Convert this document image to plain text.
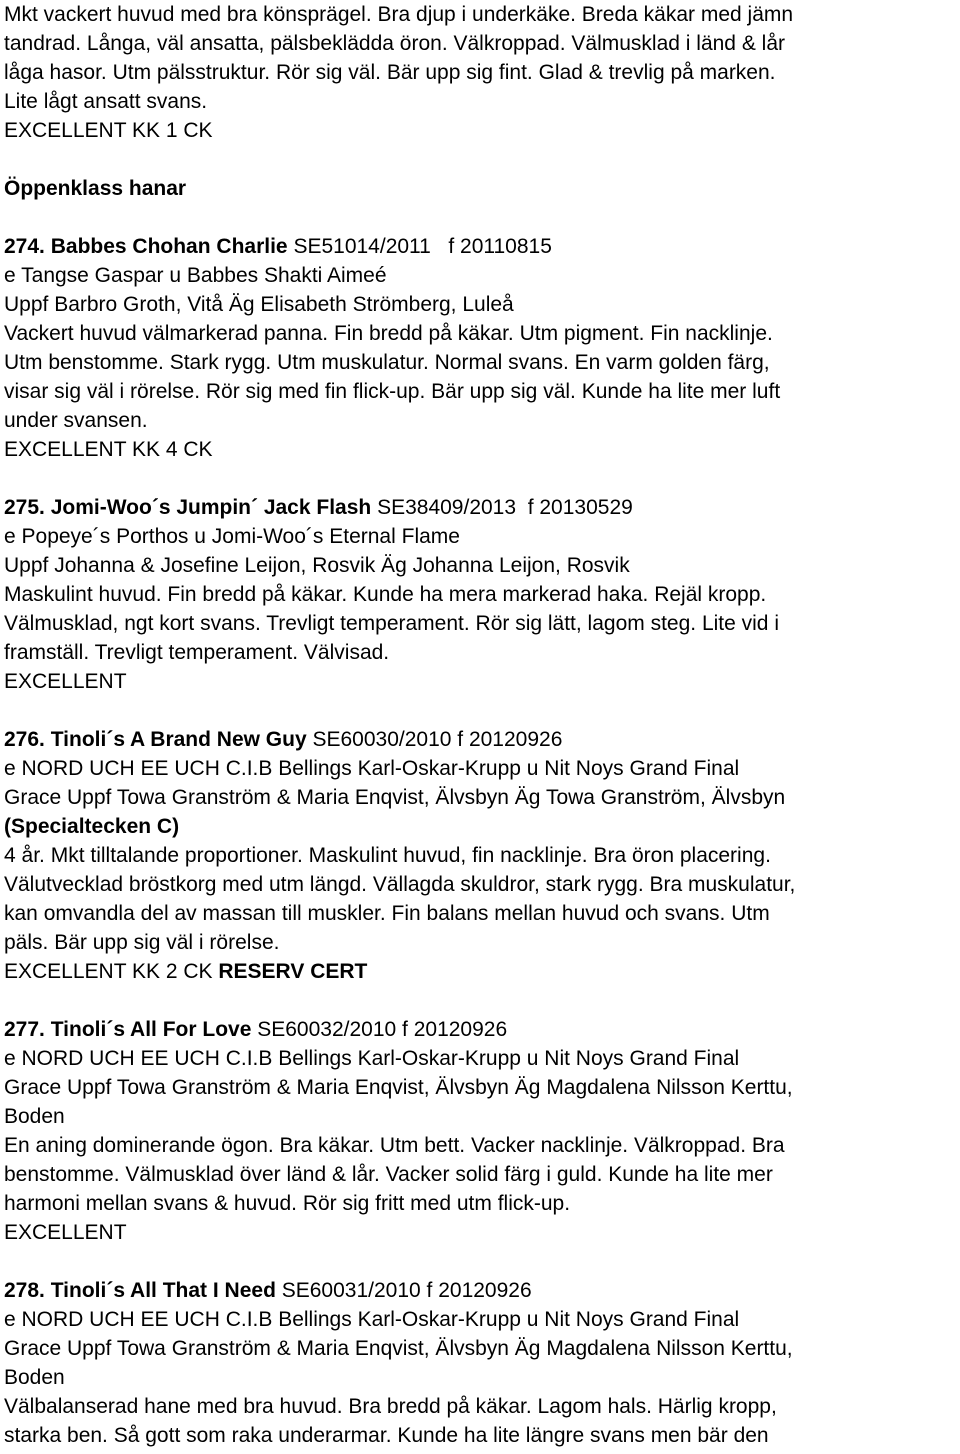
Mkt vackert huvud med bra könsprägel. Bra djup i underkäke. Breda käkar med jämn
tandrad. Långa, väl ansatta, pälsbeklädda öron. Välkroppad. Välmusklad i länd & lår
låga hasor. Utm pälsstruktur. Rör sig väl. Bär upp sig fint. Glad & trevlig på marken.
Lite lågt ansatt svans.
EXCELLENT KK 1 CK
Öppenklass hanar
274. Babbes Chohan Charlie SE51014/2011   f 20110815
e Tangse Gaspar u Babbes Shakti Aimeé
Uppf Barbro Groth, Vitå Äg Elisabeth Strömberg, Luleå
Vackert huvud välmarkerad panna. Fin bredd på käkar. Utm pigment. Fin nacklinje.
Utm benstomme. Stark rygg. Utm muskulatur. Normal svans. En varm golden färg,
visar sig väl i rörelse. Rör sig med fin flick-up. Bär upp sig väl. Kunde ha lite mer luft
under svansen.
EXCELLENT KK 4 CK
275. Jomi-Woo´s Jumpin´ Jack Flash SE38409/2013  f 20130529
e Popeye´s Porthos u Jomi-Woo´s Eternal Flame
Uppf Johanna & Josefine Leijon, Rosvik Äg Johanna Leijon, Rosvik
Maskulint huvud. Fin bredd på käkar. Kunde ha mera markerad haka. Rejäl kropp.
Välmusklad, ngt kort svans. Trevligt temperament. Rör sig lätt, lagom steg. Lite vid i
framställ. Trevligt temperament. Välvisad.
EXCELLENT
276. Tinoli´s A Brand New Guy SE60030/2010 f 20120926
e NORD UCH EE UCH C.I.B Bellings Karl-Oskar-Krupp u Nit Noys Grand Final
Grace Uppf Towa Granström & Maria Enqvist, Älvsbyn Äg Towa Granström, Älvsbyn
(Specialtecken C)
4 år. Mkt tilltalande proportioner. Maskulint huvud, fin nacklinje. Bra öron placering.
Välutvecklad bröstkorg med utm längd. Vällagda skuldror, stark rygg. Bra muskulatur,
kan omvandla del av massan till muskler. Fin balans mellan huvud och svans. Utm
päls. Bär upp sig väl i rörelse.
EXCELLENT KK 2 CK RESERV CERT
277. Tinoli´s All For Love SE60032/2010 f 20120926
e NORD UCH EE UCH C.I.B Bellings Karl-Oskar-Krupp u Nit Noys Grand Final
Grace Uppf Towa Granström & Maria Enqvist, Älvsbyn Äg Magdalena Nilsson Kerttu,
Boden
En aning dominerande ögon. Bra käkar. Utm bett. Vacker nacklinje. Välkroppad. Bra
benstomme. Välmusklad över länd & lår. Vacker solid färg i guld. Kunde ha lite mer
harmoni mellan svans & huvud. Rör sig fritt med utm flick-up.
EXCELLENT
278. Tinoli´s All That I Need SE60031/2010 f 20120926
e NORD UCH EE UCH C.I.B Bellings Karl-Oskar-Krupp u Nit Noys Grand Final
Grace Uppf Towa Granström & Maria Enqvist, Älvsbyn Äg Magdalena Nilsson Kerttu,
Boden
Välbalanserad hane med bra huvud. Bra bredd på käkar. Lagom hals. Härlig kropp,
starka ben. Så gott som raka underarmar. Kunde ha lite längre svans men bär den
